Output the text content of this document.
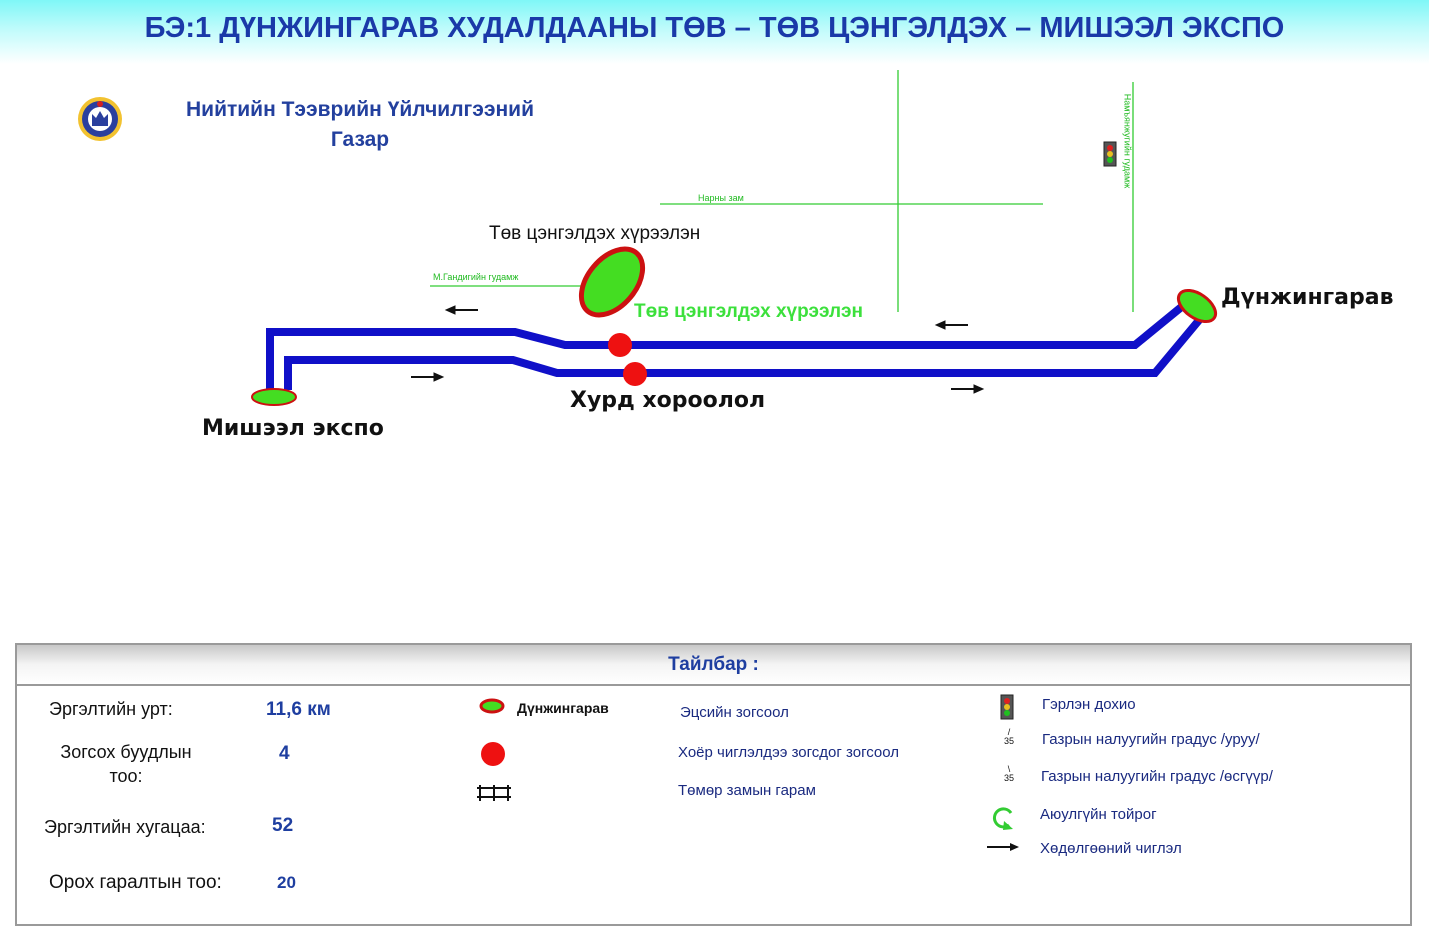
БЭ:1 ДҮНЖИНГАРАВ ХУДАЛДААНЫ ТӨВ – ТӨВ ЦЭНГЭЛДЭХ – МИШЭЭЛ ЭКСПО
Нийтийн Тээврийн Үйлчилгээний
Газар
Дүнжингарав
Мишээл экспо
Хурд хороолол
Төв цэнгэлдэх хүрээлэн
Төв цэнгэлдэх хүрээлэн
Нарны зам
М.Гандигийн гудамж
Намъянжугийн гудамж
Тайлбар :
Эргэлтийн урт:	11,6 км
Зогсох буудлын
тоо:
4
Эргэлтийн хугацаа:	52
Орох гаралтын тоо:	20
Дүнжингарав	Эцсийн зогсоол
Хоёр чиглэлдээ зогсдог зогсоол
Төмөр замын гарам
Гэрлэн дохио
/
35	Газрын налуугийн градус /уруу/
\
35	Газрын налуугийн градус /өсгүүр/
Аюулгүйн тойрог
Хөдөлгөөний чиглэл
